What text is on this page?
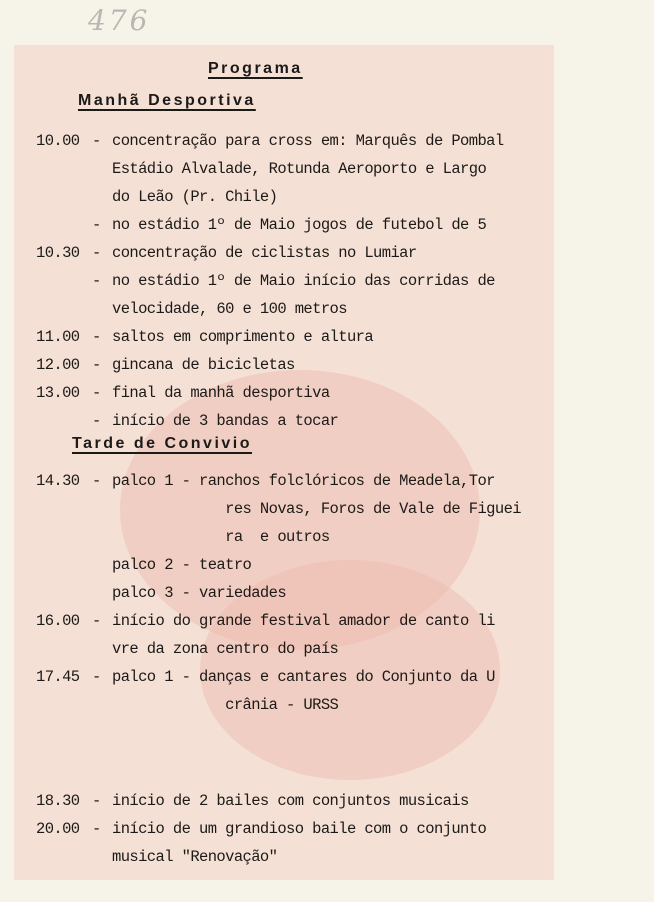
476
Programa
Manhã Desportiva
Tarde de Convivio
10.00 - concentração para cross em: Marquês de Pombal
Estádio Alvalade, Rotunda Aeroporto e Largo
do Leão (Pr. Chile)
- no estádio 1º de Maio jogos de futebol de 5
10.30 - concentração de ciclistas no Lumiar
- no estádio 1º de Maio início das corridas de
velocidade, 60 e 100 metros
11.00 - saltos em comprimento e altura
12.00 - gincana de bicicletas
13.00 - final da manhã desportiva
- início de 3 bandas a tocar
14.30 - palco 1 - ranchos folclóricos de Meadela,Tor
res Novas, Foros de Vale de Figuei
ra  e outros
palco 2 - teatro
palco 3 - variedades
16.00 - início do grande festival amador de canto li
vre da zona centro do país
17.45 - palco 1 - danças e cantares do Conjunto da U
crânia - URSS
18.30 - início de 2 bailes com conjuntos musicais
20.00 - início de um grandioso baile com o conjunto
musical "Renovação"
